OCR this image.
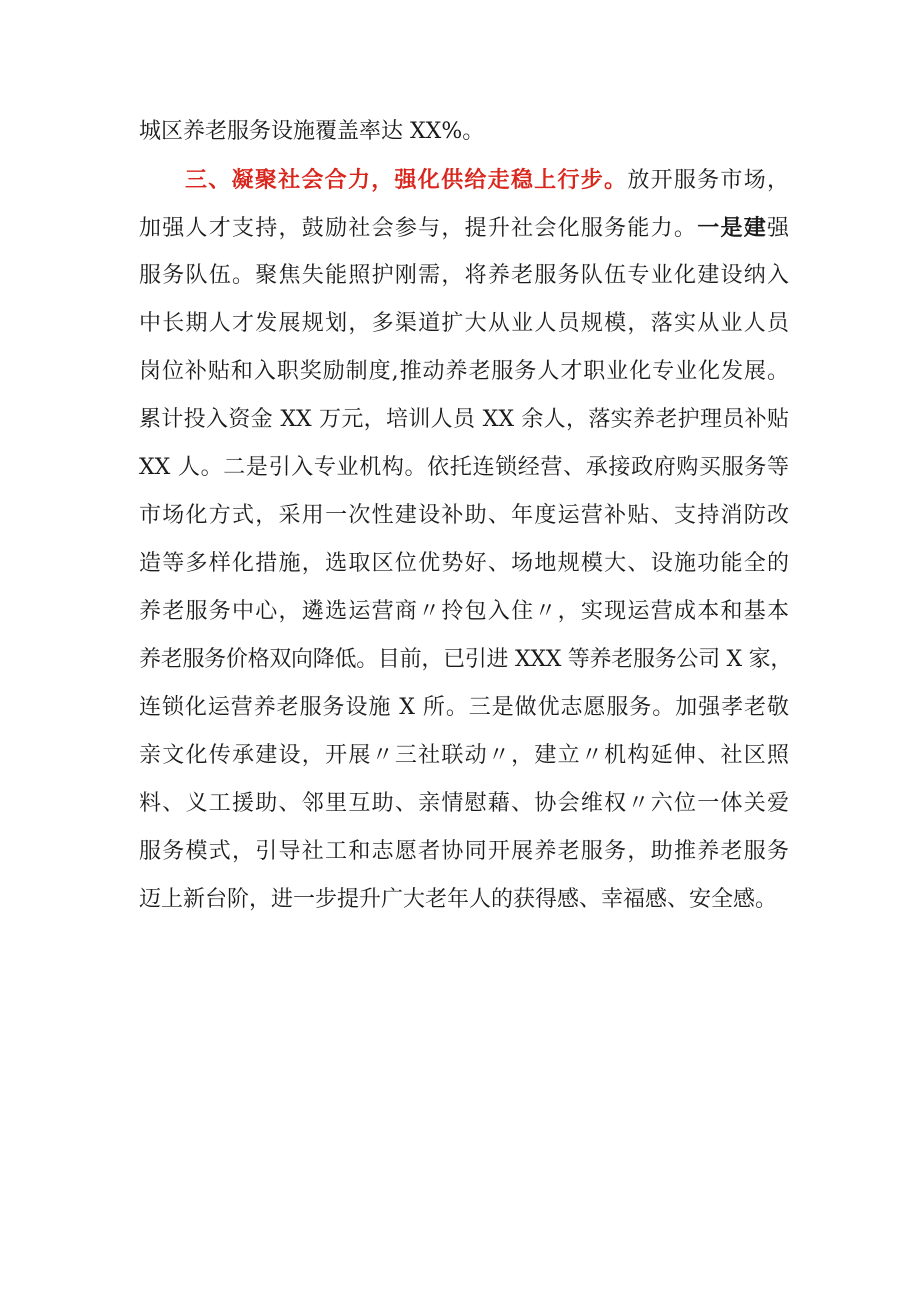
城区养老服务设施覆盖率达 XX%。
三、凝聚社会合力，强化供给走稳上行步。放开服务市场，
加强人才支持，鼓励社会参与，提升社会化服务能力。一是建强
服务队伍。聚焦失能照护刚需，将养老服务队伍专业化建设纳入
中长期人才发展规划，多渠道扩大从业人员规模，落实从业人员
岗位补贴和入职奖励制度,推动养老服务人才职业化专业化发展。
累计投入资金 XX 万元，培训人员 XX 余人，落实养老护理员补贴
XX 人。二是引入专业机构。依托连锁经营、承接政府购买服务等
市场化方式，采用一次性建设补助、年度运营补贴、支持消防改
造等多样化措施，选取区位优势好、场地规模大、设施功能全的
养老服务中心，遴选运营商〃拎包入住〃，实现运营成本和基本
养老服务价格双向降低。目前，已引进 XXX 等养老服务公司 X 家，
连锁化运营养老服务设施 X 所。三是做优志愿服务。加强孝老敬
亲文化传承建设，开展〃三社联动〃，建立〃机构延伸、社区照
料、义工援助、邻里互助、亲情慰藉、协会维权〃六位一体关爱
服务模式，引导社工和志愿者协同开展养老服务，助推养老服务
迈上新台阶，进一步提升广大老年人的获得感、幸福感、安全感。
